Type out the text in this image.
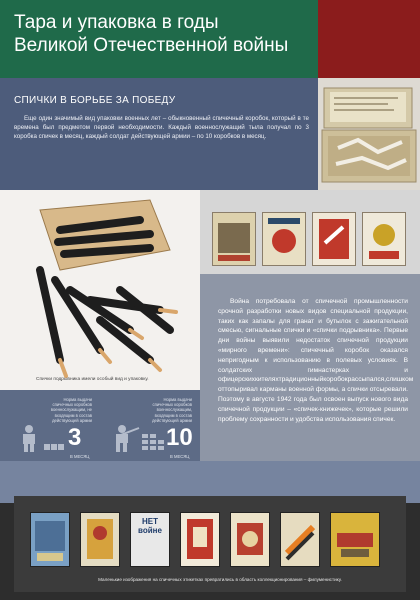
Тара и упаковка в годы
Великой Отечественной войны
СПИЧКИ В БОРЬБЕ ЗА ПОБЕДУ
Еще один значимый вид упаковки военных лет – обыкновенный спичечный коробок, который в те времена был предметом первой необходимости. Каждый военнослужащий тыла получал по 3 коробка спичек в месяц, каждый солдат действующей армии – по 10 коробков в месяц.
Спички подрывника имели особый вид и упаковку.
Война потребовала от спичечной промышленности срочной разработки новых видов специальной продукции, таких как запалы для гранат и бутылок с зажигательной смесью, сигнальные спички и «спички подрывника». Первые дни войны выявили недостаток спичечной продукции «мирного времени»: спичечный коробок оказался непригодным к использованию в полевых условиях. В солдатских гимнастерках и офицерскихкителяхтрадиционныйкоробокрассыпался,слишком оттопыривал карманы военной формы, а спички отсыревали. Поэтому в августе 1942 года был освоен выпуск нового вида спичечной продукции – «спичек-книжечек», которые решили проблему сохранности и удобства использования спичек.
Норма выдачи спичечных коробков военнослужащим, не входящим в состав действующей армии
3
В МЕСЯЦ
Норма выдачи спичечных коробков военнослужащим, входящим в состав действующей армии
10
В МЕСЯЦ
НЕТ войне
Маленькие изображения на спичечных этикетках превратились в область коллекционирования – филуменистику.
